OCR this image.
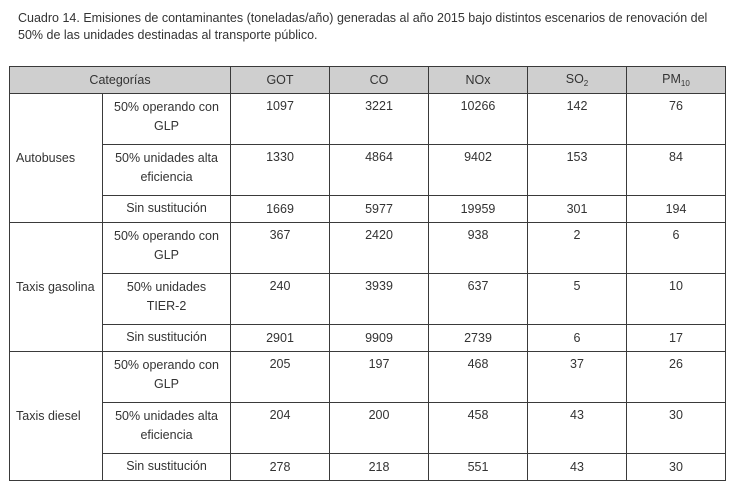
Cuadro 14. Emisiones de contaminantes (toneladas/año) generadas al año 2015 bajo distintos escenarios de renovación del 50% de las unidades destinadas al transporte público.
Categorías		GOT	CO	NOx	$SO_2$	$PM_{10}$
Autobuses	50% operando con GLP	1097	3221	10266	142	76
	50% unidades alta eficiencia	1330	4864	9402	153	84
	Sin sustitución	1669	5977	19959	301	194
Taxis gasolina	50% operando con GLP	367	2420	938	2	6
	50% unidades TIER-2	240	3939	637	5	10
	Sin sustitución	2901	9909	2739	6	17
Taxis diesel	50% operando con GLP	205	197	468	37	26
	50% unidades alta eficiencia	204	200	458	43	30
	Sin sustitución	278	218	551	43	30
